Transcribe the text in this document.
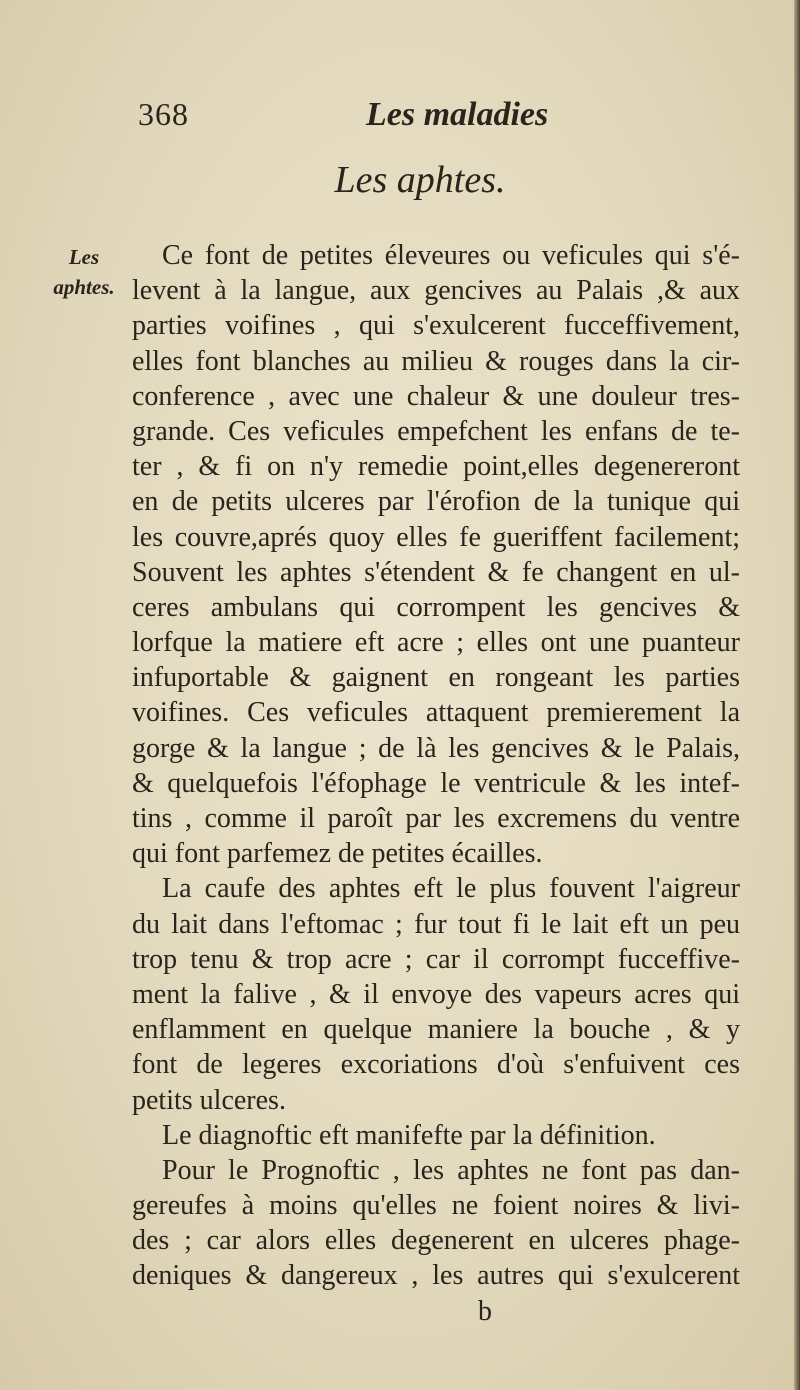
368	Les maladies
Les aphtes.
Les
aphtes.
Ce font de petites éleveures ou veficules qui s'é-
levent à la langue, aux gencives au Palais ,& aux
parties voifines , qui s'exulcerent fucceffivement,
elles font blanches au milieu & rouges dans la cir-
conference , avec une chaleur & une douleur tres-
grande. Ces veficules empefchent les enfans de te-
ter , & fi on n'y remedie point,elles degenereront
en de petits ulceres par l'érofion de la tunique qui
les couvre,aprés quoy elles fe gueriffent facilement;
Souvent les aphtes s'étendent & fe changent en ul-
ceres ambulans qui corrompent les gencives &
lorfque la matiere eft acre ; elles ont une puanteur
infuportable & gaignent en rongeant les parties
voifines. Ces veficules attaquent premierement la
gorge & la langue ; de là les gencives & le Palais,
& quelquefois l'éfophage le ventricule & les intef-
tins , comme il paroît par les excremens du ventre
qui font parfemez de petites écailles.
La caufe des aphtes eft le plus fouvent l'aigreur
du lait dans l'eftomac ; fur tout fi le lait eft un peu
trop tenu & trop acre ; car il corrompt fucceffive-
ment la falive , & il envoye des vapeurs acres qui
enflamment en quelque maniere la bouche , & y
font de legeres excoriations d'où s'enfuivent ces
petits ulceres.
Le diagnoftic eft manifefte par la définition.
Pour le Prognoftic , les aphtes ne font pas dan-
gereufes à moins qu'elles ne foient noires & livi-
des ; car alors elles degenerent en ulceres phage-
deniques & dangereux , les autres qui s'exulcerent
b
